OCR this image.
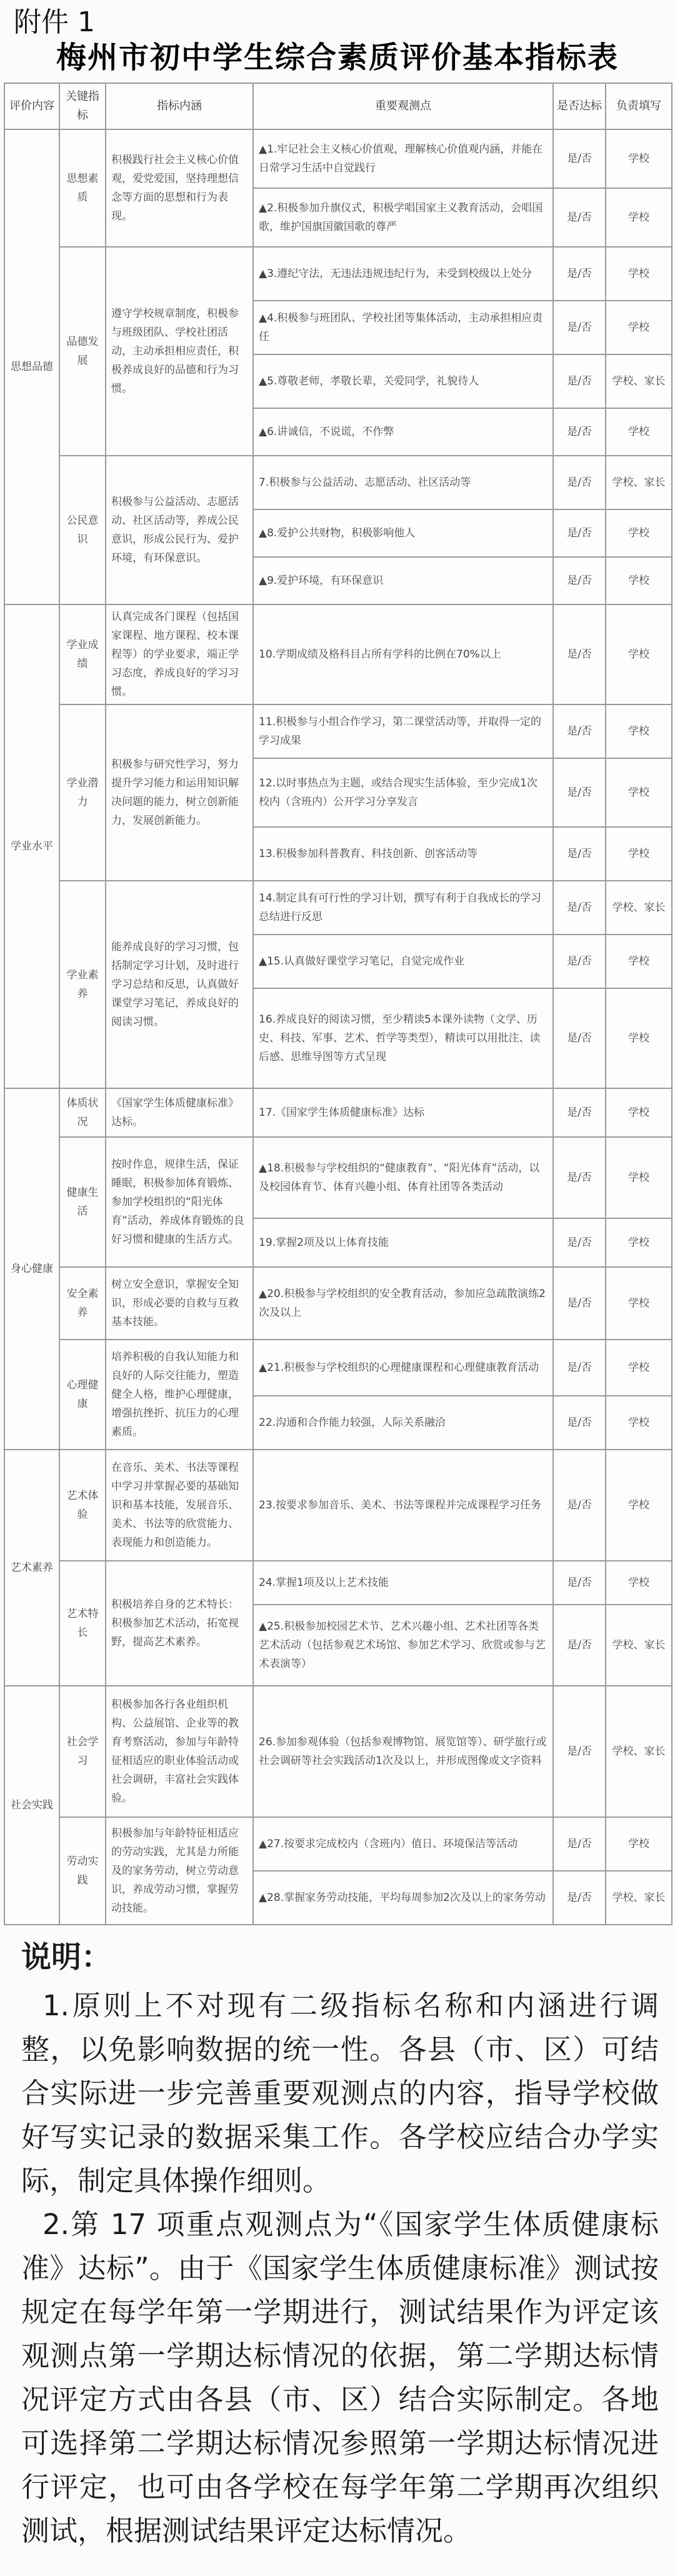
附件 1
梅州市初中学生综合素质评价基本指标表
评价内容	关键指标	指标内涵	重要观测点	是否达标	负责填写
思想品德	思想素质	积极践行社会主义核心价值观，爱党爱国，坚持理想信念等方面的思想和行为表现。	▲1.牢记社会主义核心价值观，理解核心价值观内涵，并能在日常学习生活中自觉践行	是/否	学校
			▲2.积极参加升旗仪式，积极学唱国家主义教育活动，会唱国歌，维护国旗国徽国歌的尊严	是/否	学校
	品德发展	遵守学校规章制度，积极参与班级团队、学校社团活动，主动承担相应责任，积极养成良好的品德和行为习惯。	▲3.遵纪守法，无违法违规违纪行为，未受到校级以上处分	是/否	学校
			▲4.积极参与班团队、学校社团等集体活动，主动承担相应责任	是/否	学校
			▲5.尊敬老师，孝敬长辈，关爱同学，礼貌待人	是/否	学校、家长
			▲6.讲诚信，不说谎，不作弊	是/否	学校
	公民意识	积极参与公益活动、志愿活动、社区活动等，养成公民意识，形成公民行为、爱护环境，有环保意识。	7.积极参与公益活动、志愿活动、社区活动等	是/否	学校、家长
			▲8.爱护公共财物，积极影响他人	是/否	学校
			▲9.爱护环境，有环保意识	是/否	学校
学业水平	学业成绩	认真完成各门课程（包括国家课程、地方课程、校本课程等）的学业要求，端正学习态度，养成良好的学习习惯。	10.学期成绩及格科目占所有学科的比例在70%以上	是/否	学校
	学业潜力	积极参与研究性学习，努力提升学习能力和运用知识解决问题的能力，树立创新能力，发展创新能力。	11.积极参与小组合作学习，第二课堂活动等，并取得一定的学习成果	是/否	学校
			12.以时事热点为主题，或结合现实生活体验，至少完成1次校内（含班内）公开学习分享发言	是/否	学校
			13.积极参加科普教育、科技创新、创客活动等	是/否	学校
	学业素养	能养成良好的学习习惯，包括制定学习计划，及时进行学习总结和反思，认真做好课堂学习笔记，养成良好的阅读习惯。	14.制定具有可行性的学习计划，撰写有利于自我成长的学习总结进行反思	是/否	学校、家长
			▲15.认真做好课堂学习笔记，自觉完成作业	是/否	学校
			16.养成良好的阅读习惯，至少精读5本课外读物（文学、历史、科技、军事、艺术、哲学等类型），精读可以用批注、读后感、思维导图等方式呈现	是/否	学校
身心健康	体质状况	《国家学生体质健康标准》达标。	17.《国家学生体质健康标准》达标	是/否	学校
	健康生活	按时作息，规律生活，保证睡眠，积极参加体育锻炼、参加学校组织的“阳光体育”活动，养成体育锻炼的良好习惯和健康的生活方式。	▲18.积极参与学校组织的“健康教育”、“阳光体育”活动，以及校园体育节、体育兴趣小组、体育社团等各类活动	是/否	学校
			19.掌握2项及以上体育技能	是/否	学校
	安全素养	树立安全意识，掌握安全知识，形成必要的自救与互救基本技能。	▲20.积极参与学校组织的安全教育活动，参加应急疏散演练2次及以上	是/否	学校
	心理健康	培养积极的自我认知能力和良好的人际交往能力，塑造健全人格，维护心理健康，增强抗挫折、抗压力的心理素质。	▲21.积极参与学校组织的心理健康课程和心理健康教育活动	是/否	学校
			22.沟通和合作能力较强，人际关系融洽	是/否	学校
艺术素养	艺术体验	在音乐、美术、书法等课程中学习并掌握必要的基础知识和基本技能，发展音乐、美术、书法等的欣赏能力、表现能力和创造能力。	23.按要求参加音乐、美术、书法等课程并完成课程学习任务	是/否	学校
	艺术特长	积极培养自身的艺术特长：积极参加艺术活动，拓宽视野，提高艺术素养。	24.掌握1项及以上艺术技能	是/否	学校
			▲25.积极参加校园艺术节、艺术兴趣小组、艺术社团等各类艺术活动（包括参观艺术场馆、参加艺术学习、欣赏或参与艺术表演等）	是/否	学校、家长
社会实践	社会学习	积极参加各行各业组织机构、公益展馆、企业等的教育考察活动，参加与年龄特征相适应的职业体验活动或社会调研，丰富社会实践体验。	26.参加参观体验（包括参观博物馆、展览馆等）、研学旅行或社会调研等社会实践活动1次及以上，并形成图像或文字资料	是/否	学校、家长
	劳动实践	积极参加与年龄特征相适应的劳动实践，尤其是力所能及的家务劳动，树立劳动意识，养成劳动习惯，掌握劳动技能。	▲27.按要求完成校内（含班内）值日、环境保洁等活动	是/否	学校
			▲28.掌握家务劳动技能，平均每周参加2次及以上的家务劳动	是/否	学校、家长
说明：

1.原则上不对现有二级指标名称和内涵进行调整，以免影响数据的统一性。各县（市、区）可结合实际进一步完善重要观测点的内容，指导学校做好写实记录的数据采集工作。各学校应结合办学实际，制定具体操作细则。

2.第 17 项重点观测点为“《国家学生体质健康标准》达标”。由于《国家学生体质健康标准》测试按规定在每学年第一学期进行，测试结果作为评定该观测点第一学期达标情况的依据，第二学期达标情况评定方式由各县（市、区）结合实际制定。各地可选择第二学期达标情况参照第一学期达标情况进行评定，也可由各学校在每学年第二学期再次组织测试，根据测试结果评定达标情况。
